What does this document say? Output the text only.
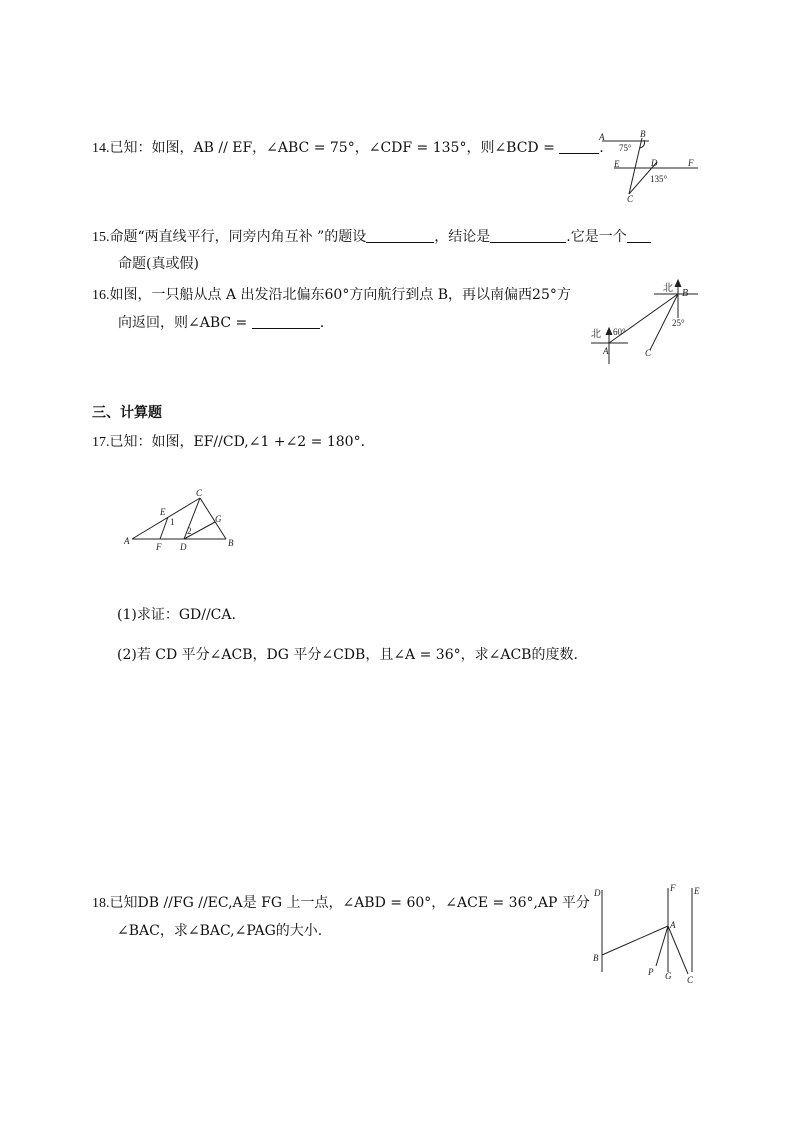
14.已知：如图，AB // EF，∠ABC = 75°，∠CDF = 135°，则∠BCD =	.
A	B
75°
E	D	F
135°
C
15.命题“两直线平行，同旁内角互补 ”的题设	，结论是	.它是一个
命题(真或假)
16.如图，一只船从点 A 出发沿北偏东60°方向航行到点 B，再以南偏西25°方
向返回，则∠ABC =	.
北 B
25°
北 60°
A	C
三、计算题
17.已知：如图，EF//CD,∠1 +∠2 = 180°.
C
E
1	G
2
A
F D	B
(1)求证：GD//CA.
(2)若 CD 平分∠ACB，DG 平分∠CDB，且∠A = 36°，求∠ACB的度数.
18.已知DB //FG //EC,A是 FG 上一点，∠ABD = 60°，∠ACE = 36°,AP 平分
∠BAC，求∠BAC,∠PAG的大小.
D	F E
A
B
P G C
